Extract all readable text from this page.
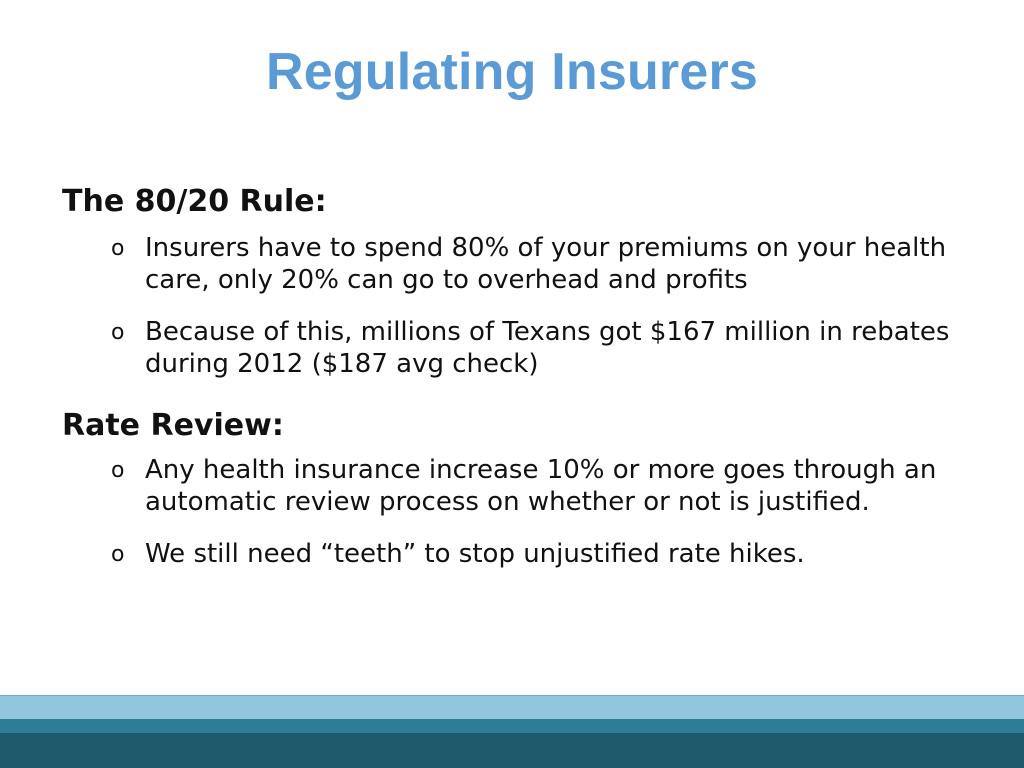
Regulating Insurers

The 80/20 Rule:

o Insurers have to spend 80% of your premiums on your health care, only 20% can go to overhead and profits
o Because of this, millions of Texans got $167 million in rebates during 2012 ($187 avg check)

Rate Review:

o Any health insurance increase 10% or more goes through an automatic review process on whether or not is justified.
o We still need “teeth” to stop unjustified rate hikes.
